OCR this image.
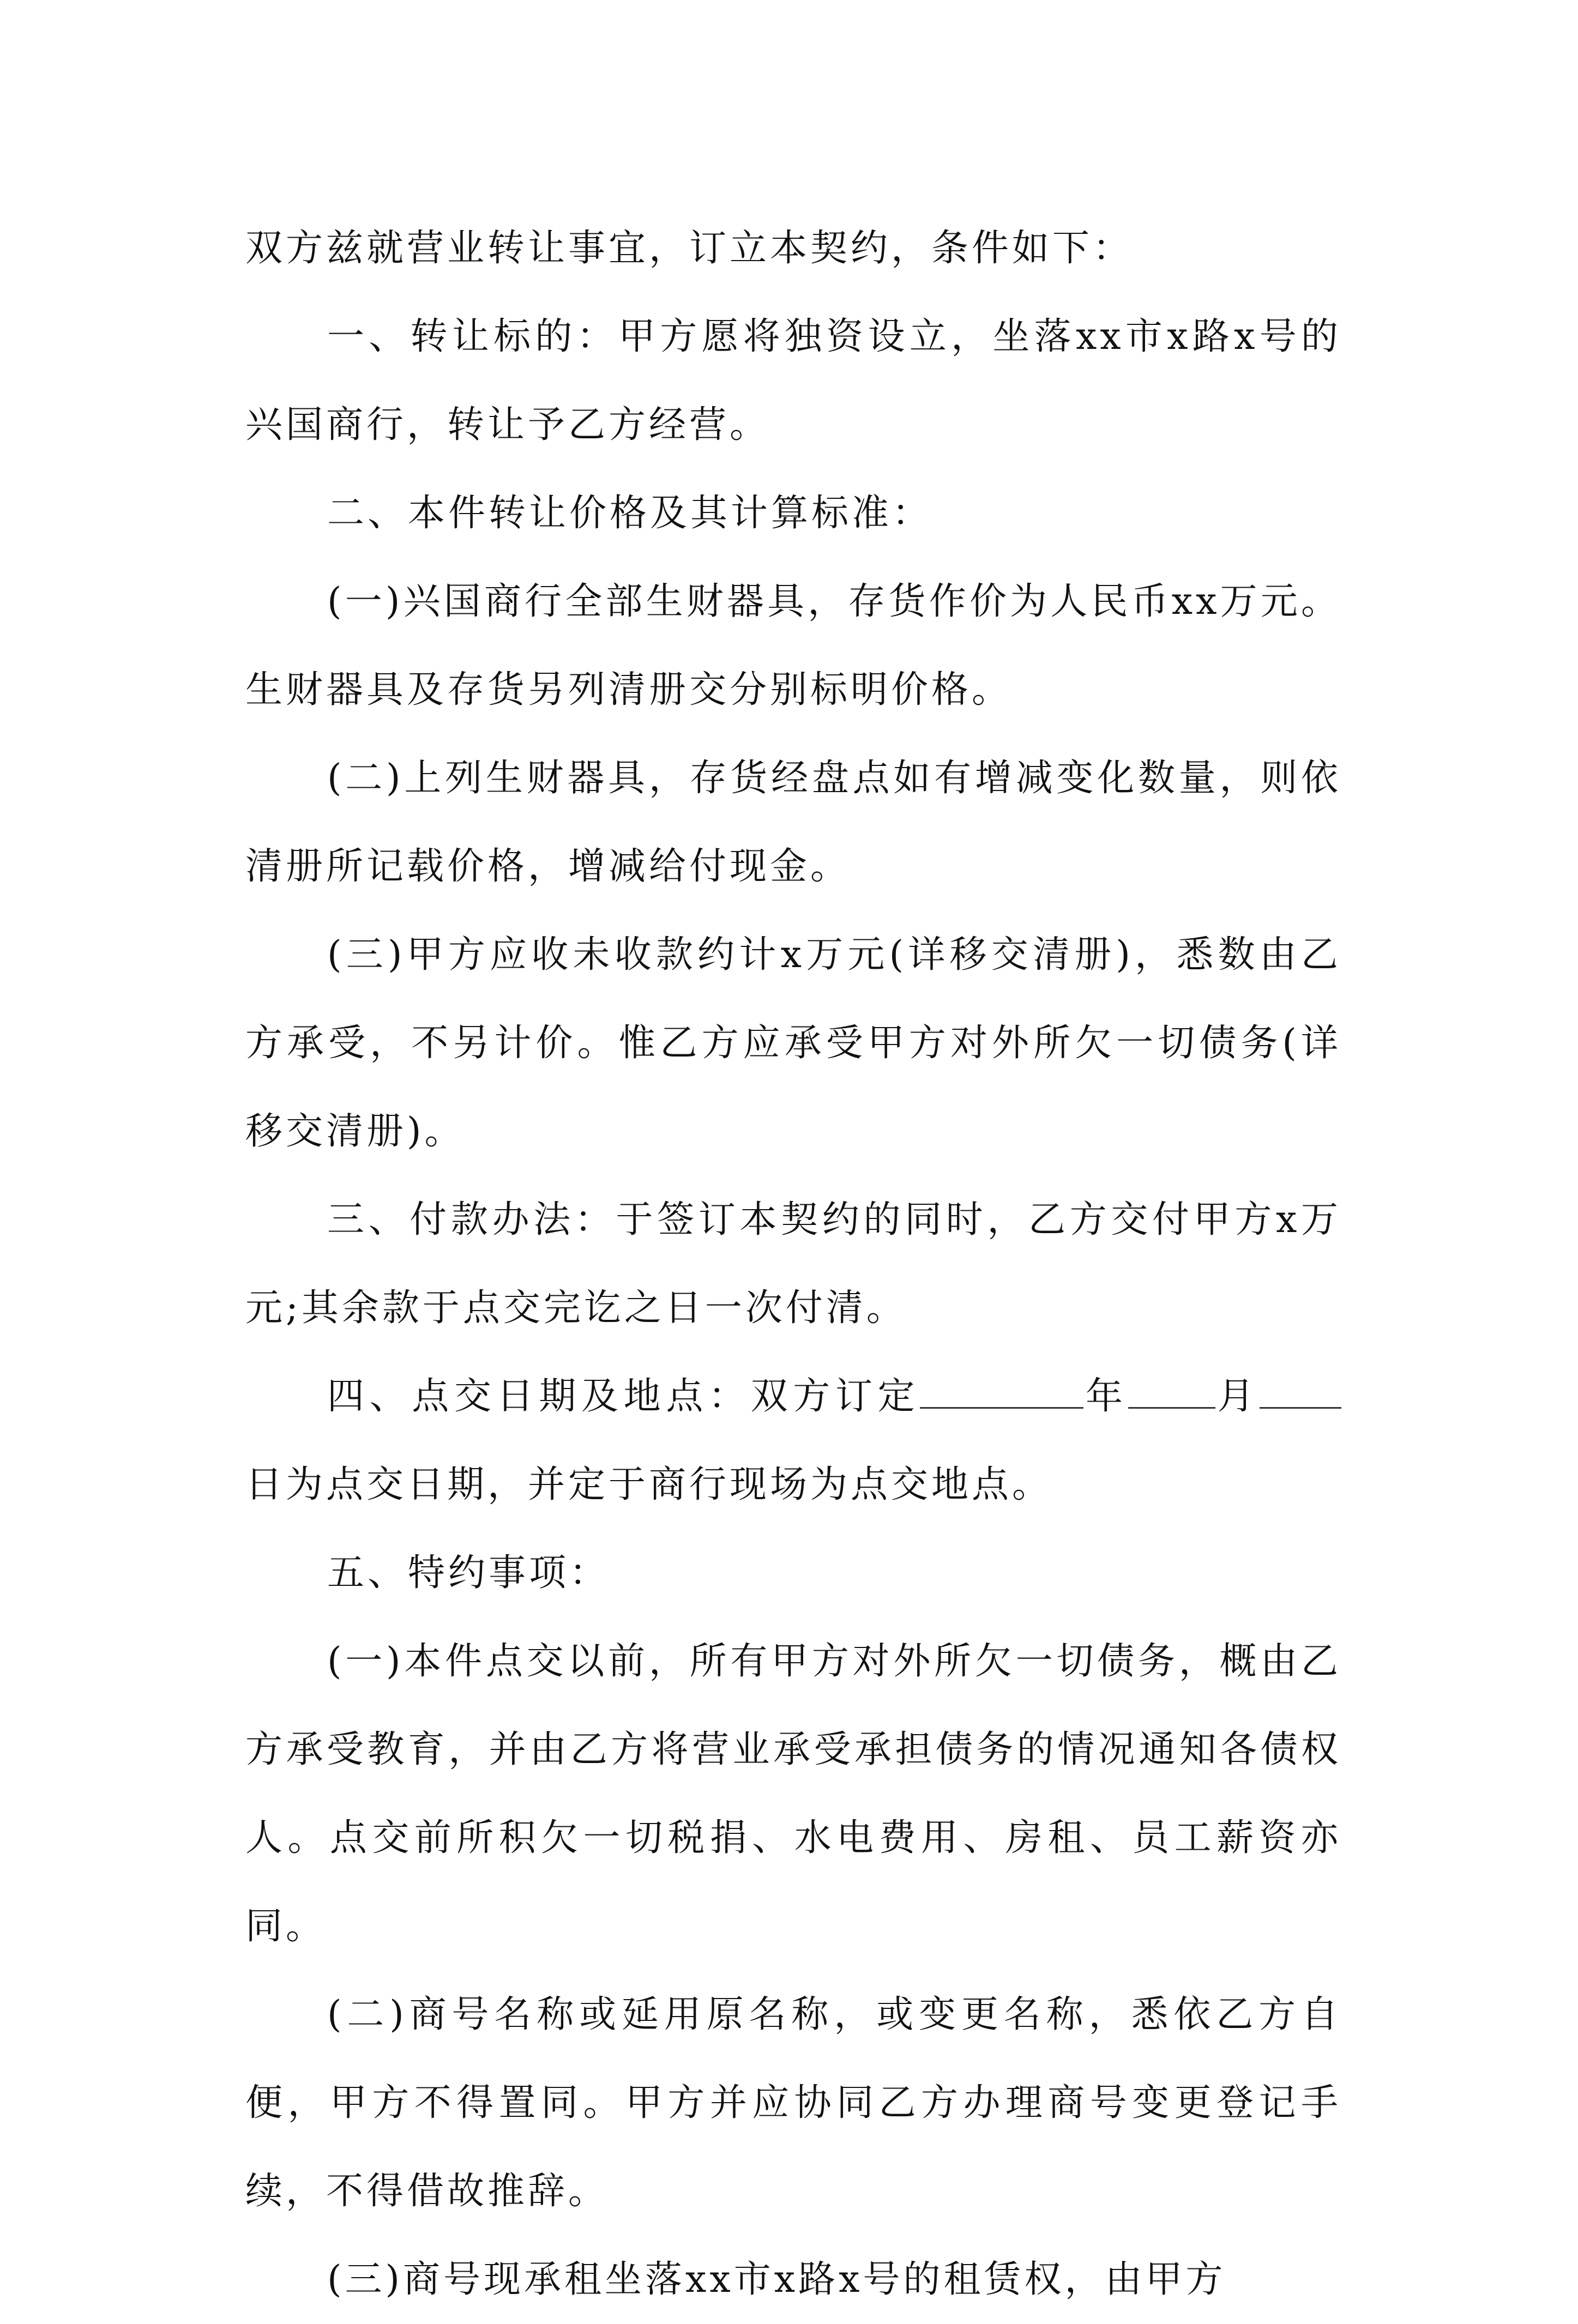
双方兹就营业转让事宜，订立本契约，条件如下：

一、转让标的：甲方愿将独资设立，坐落xx市x路x号的兴国商行，转让予乙方经营。

二、本件转让价格及其计算标准：

(一)兴国商行全部生财器具，存货作价为人民币xx万元。生财器具及存货另列清册交分别标明价格。

(二)上列生财器具，存货经盘点如有增减变化数量，则依清册所记载价格，增减给付现金。

(三)甲方应收未收款约计x万元(详移交清册)，悉数由乙方承受，不另计价。惟乙方应承受甲方对外所欠一切债务(详移交清册)。

三、付款办法：于签订本契约的同时，乙方交付甲方x万元;其余款于点交完讫之日一次付清。

四、点交日期及地点：双方订定	年 月日为点交日期，并定于商行现场为点交地点。

五、特约事项：

(一)本件点交以前，所有甲方对外所欠一切债务，概由乙方承受教育，并由乙方将营业承受承担债务的情况通知各债权人。点交前所积欠一切税捐、水电费用、房租、员工薪资亦同。

(二)商号名称或延用原名称，或变更名称，悉依乙方自便，甲方不得置同。甲方并应协同乙方办理商号变更登记手续，不得借故推辞。

(三)商号现承租坐落xx市x路x号的租赁权，由甲方
